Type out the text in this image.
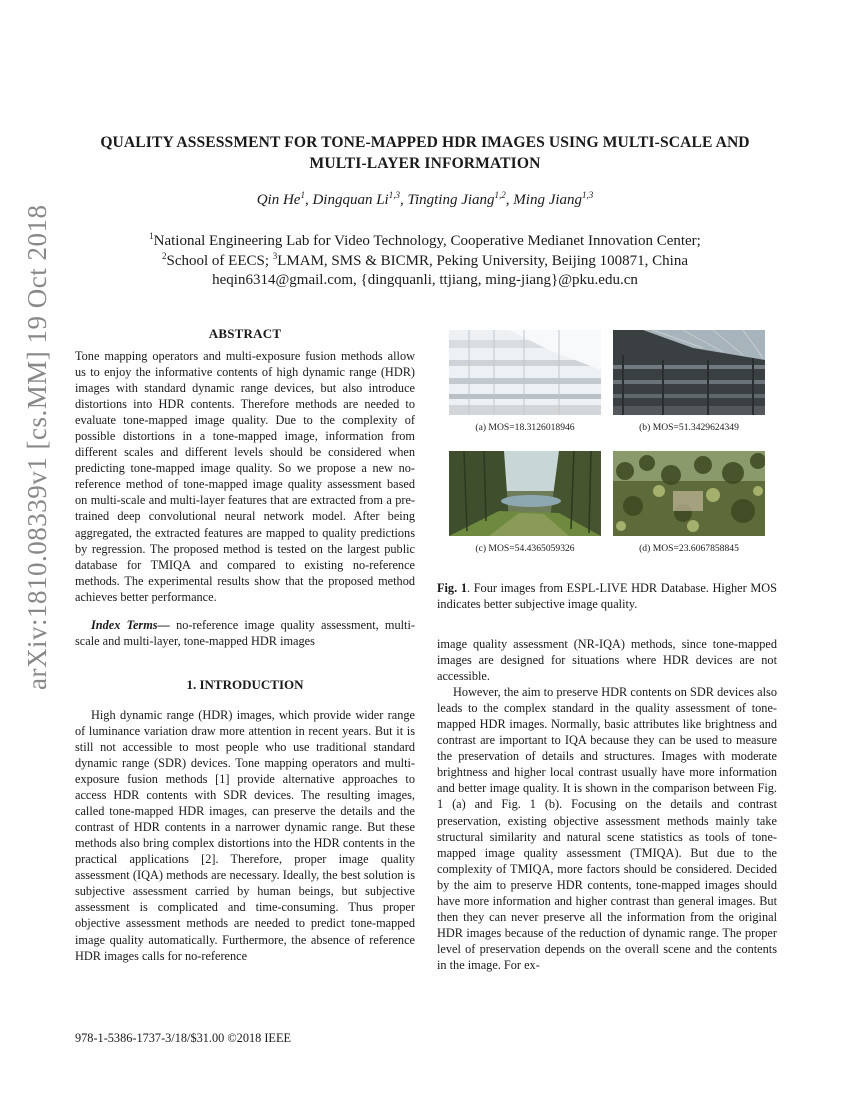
arXiv:1810.08339v1 [cs.MM] 19 Oct 2018
QUALITY ASSESSMENT FOR TONE-MAPPED HDR IMAGES USING MULTI-SCALE AND
MULTI-LAYER INFORMATION
Qin He$^1$, Dingquan Li$^{1,3}$, Tingting Jiang$^{1,2}$, Ming Jiang$^{1,3}$
$^1$National Engineering Lab for Video Technology, Cooperative Medianet Innovation Center;
$^2$School of EECS; $^3$LMAM, SMS & BICMR, Peking University, Beijing 100871, China
heqin6314@gmail.com, {dingquanli, ttjiang, ming-jiang}@pku.edu.cn
ABSTRACT

Tone mapping operators and multi-exposure fusion methods allow us to enjoy the informative contents of high dynamic range (HDR) images with standard dynamic range devices, but also introduce distortions into HDR contents. Therefore methods are needed to evaluate tone-mapped image quality. Due to the complexity of possible distortions in a tone-mapped image, information from different scales and different levels should be considered when predicting tone-mapped image quality. So we propose a new no-reference method of tone-mapped image quality assessment based on multi-scale and multi-layer features that are extracted from a pre-trained deep convolutional neural network model. After being aggregated, the extracted features are mapped to quality predictions by regression. The proposed method is tested on the largest public database for TMIQA and compared to existing no-reference methods. The experimental results show that the proposed method achieves better performance.

Index Terms— no-reference image quality assessment, multi-scale and multi-layer, tone-mapped HDR images

1. INTRODUCTION

High dynamic range (HDR) images, which provide wider range of luminance variation draw more attention in recent years. But it is still not accessible to most people who use traditional standard dynamic range (SDR) devices. Tone mapping operators and multi-exposure fusion methods [1] provide alternative approaches to access HDR contents with SDR devices. The resulting images, called tone-mapped HDR images, can preserve the details and the contrast of HDR contents in a narrower dynamic range. But these methods also bring complex distortions into the HDR contents in the practical applications [2]. Therefore, proper image quality assessment (IQA) methods are necessary. Ideally, the best solution is subjective assessment carried by human beings, but subjective assessment is complicated and time-consuming. Thus proper objective assessment methods are needed to predict tone-mapped image quality automatically. Furthermore, the absence of reference HDR images calls for no-reference

(a) MOS=18.3126018946	(b) MOS=51.3429624349
(c) MOS=54.4365059326	(d) MOS=23.6067858845

Fig. 1. Four images from ESPL-LIVE HDR Database. Higher MOS indicates better subjective image quality.

image quality assessment (NR-IQA) methods, since tone-mapped images are designed for situations where HDR devices are not accessible.

However, the aim to preserve HDR contents on SDR devices also leads to the complex standard in the quality assessment of tone-mapped HDR images. Normally, basic attributes like brightness and contrast are important to IQA because they can be used to measure the preservation of details and structures. Images with moderate brightness and higher local contrast usually have more information and better image quality. It is shown in the comparison between Fig. 1 (a) and Fig. 1 (b). Focusing on the details and contrast preservation, existing objective assessment methods mainly take structural similarity and natural scene statistics as tools of tone-mapped image quality assessment (TMIQA). But due to the complexity of TMIQA, more factors should be considered. Decided by the aim to preserve HDR contents, tone-mapped images should have more information and higher contrast than general images. But then they can never preserve all the information from the original HDR images because of the reduction of dynamic range. The proper level of preservation depends on the overall scene and the contents in the image. For ex-

978-1-5386-1737-3/18/$31.00 ©2018 IEEE
